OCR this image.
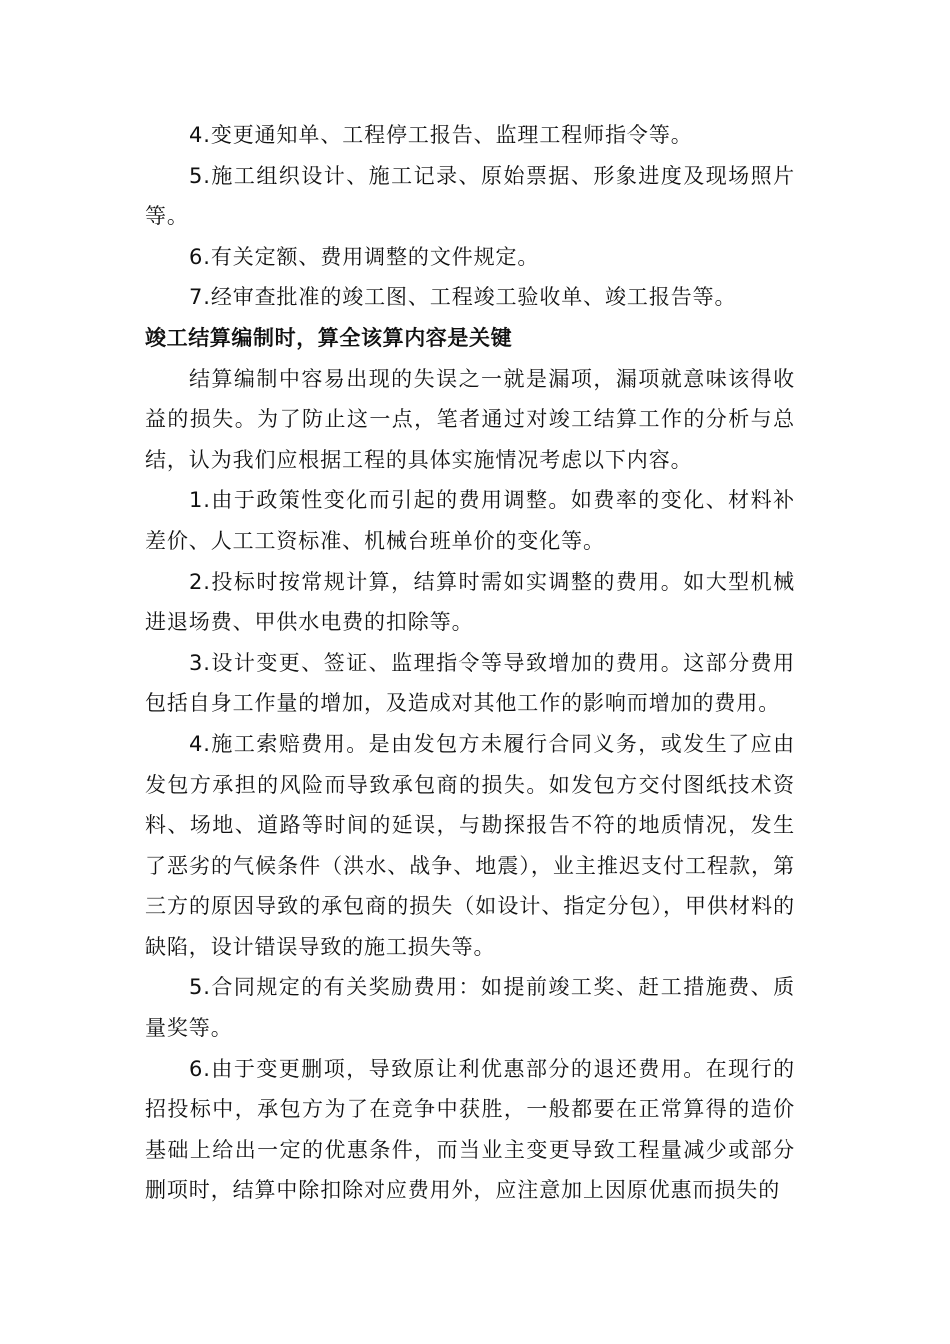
4.变更通知单、工程停工报告、监理工程师指令等。

5.施工组织设计、施工记录、原始票据、形象进度及现场照片等。

6.有关定额、费用调整的文件规定。

7.经审查批准的竣工图、工程竣工验收单、竣工报告等。

竣工结算编制时，算全该算内容是关键

结算编制中容易出现的失误之一就是漏项，漏项就意味该得收益的损失。为了防止这一点，笔者通过对竣工结算工作的分析与总结，认为我们应根据工程的具体实施情况考虑以下内容。

1.由于政策性变化而引起的费用调整。如费率的变化、材料补差价、人工工资标准、机械台班单价的变化等。

2.投标时按常规计算，结算时需如实调整的费用。如大型机械进退场费、甲供水电费的扣除等。

3.设计变更、签证、监理指令等导致增加的费用。这部分费用包括自身工作量的增加，及造成对其他工作的影响而增加的费用。

4.施工索赔费用。是由发包方未履行合同义务，或发生了应由发包方承担的风险而导致承包商的损失。如发包方交付图纸技术资料、场地、道路等时间的延误，与勘探报告不符的地质情况，发生了恶劣的气候条件（洪水、战争、地震），业主推迟支付工程款，第三方的原因导致的承包商的损失（如设计、指定分包），甲供材料的缺陷，设计错误导致的施工损失等。

5.合同规定的有关奖励费用：如提前竣工奖、赶工措施费、质量奖等。

6.由于变更删项，导致原让利优惠部分的退还费用。在现行的招投标中，承包方为了在竞争中获胜，一般都要在正常算得的造价基础上给出一定的优惠条件，而当业主变更导致工程量减少或部分删项时，结算中除扣除对应费用外，应注意加上因原优惠而损失的
